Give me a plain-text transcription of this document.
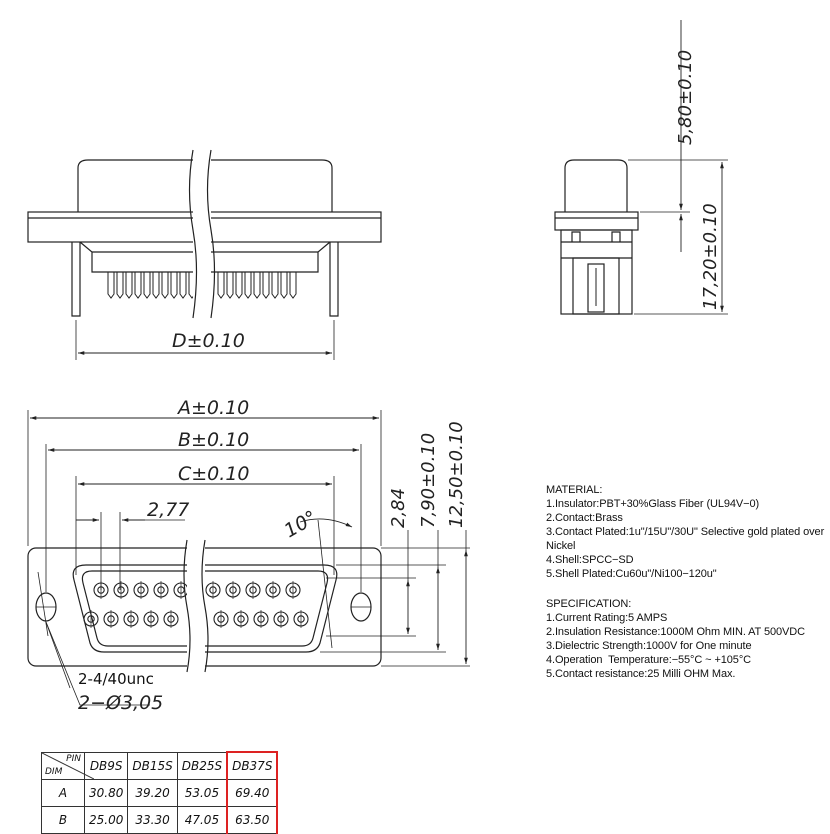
D±0.10
5,80±0.10
17,20±0.10
A±0.10
B±0.10
C±0.10
2,77	10°	2,84 7,90±0.10 12,50±0.10
2-4/40unc
2−Ø3,05
MATERIAL:
1.Insulator:PBT+30%Glass Fiber (UL94V−0)
2.Contact:Brass
3.Contact Plated:1u"/15U"/30U" Selective gold plated over Nickel
4.Shell:SPCC−SD
5.Shell Plated:Cu60u"/Ni100−120u"
SPECIFICATION:
1.Current Rating:5 AMPS
2.Insulation Resistance:1000M Ohm MIN. AT 500VDC
3.Dielectric Strength:1000V for One minute
4.Operation  Temperature:−55°C ~ +105°C
5.Contact resistance:25 Milli OHM Max.
PIN
DIM	DB9S	DB15S	DB25S	DB37S
A	30.80	39.20	53.05	69.40
B	25.00	33.30	47.05	63.50
